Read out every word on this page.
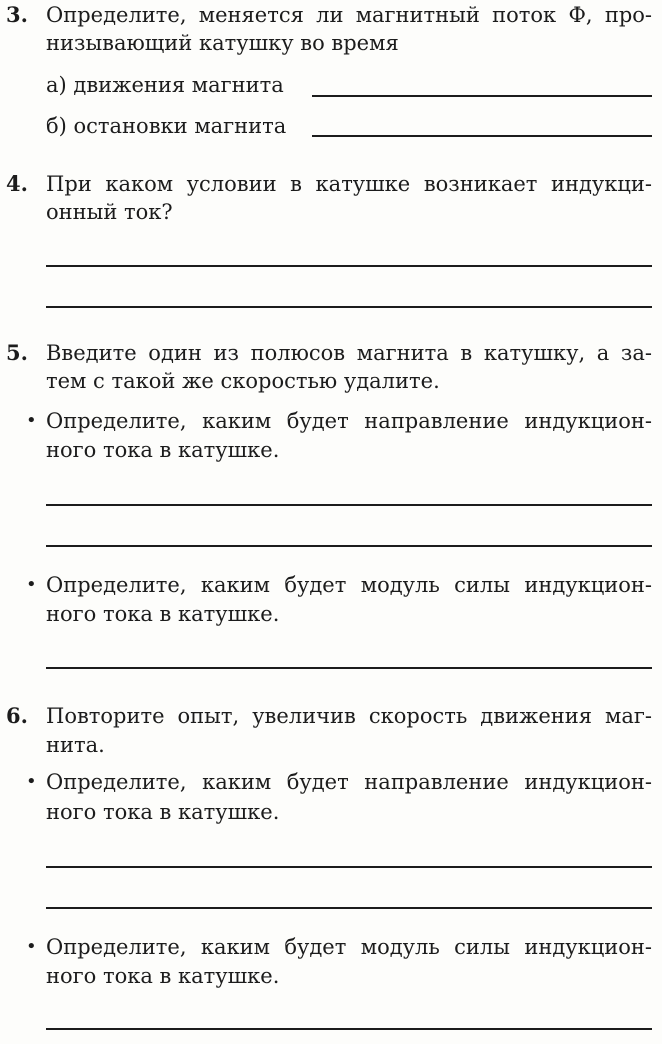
3. Определите, меняется ли магнитный поток Ф, про-
низывающий катушку во время
а) движения магнита
б) остановки магнита
4. При каком условии в катушке возникает индукци-
онный ток?
5. Введите один из полюсов магнита в катушку, а за-
тем с такой же скоростью удалите.
• Определите, каким будет направление индукцион-
ного тока в катушке.
• Определите, каким будет модуль силы индукцион-
ного тока в катушке.
6. Повторите опыт, увеличив скорость движения маг-
нита.
• Определите, каким будет направление индукцион-
ного тока в катушке.
• Определите, каким будет модуль силы индукцион-
ного тока в катушке.
